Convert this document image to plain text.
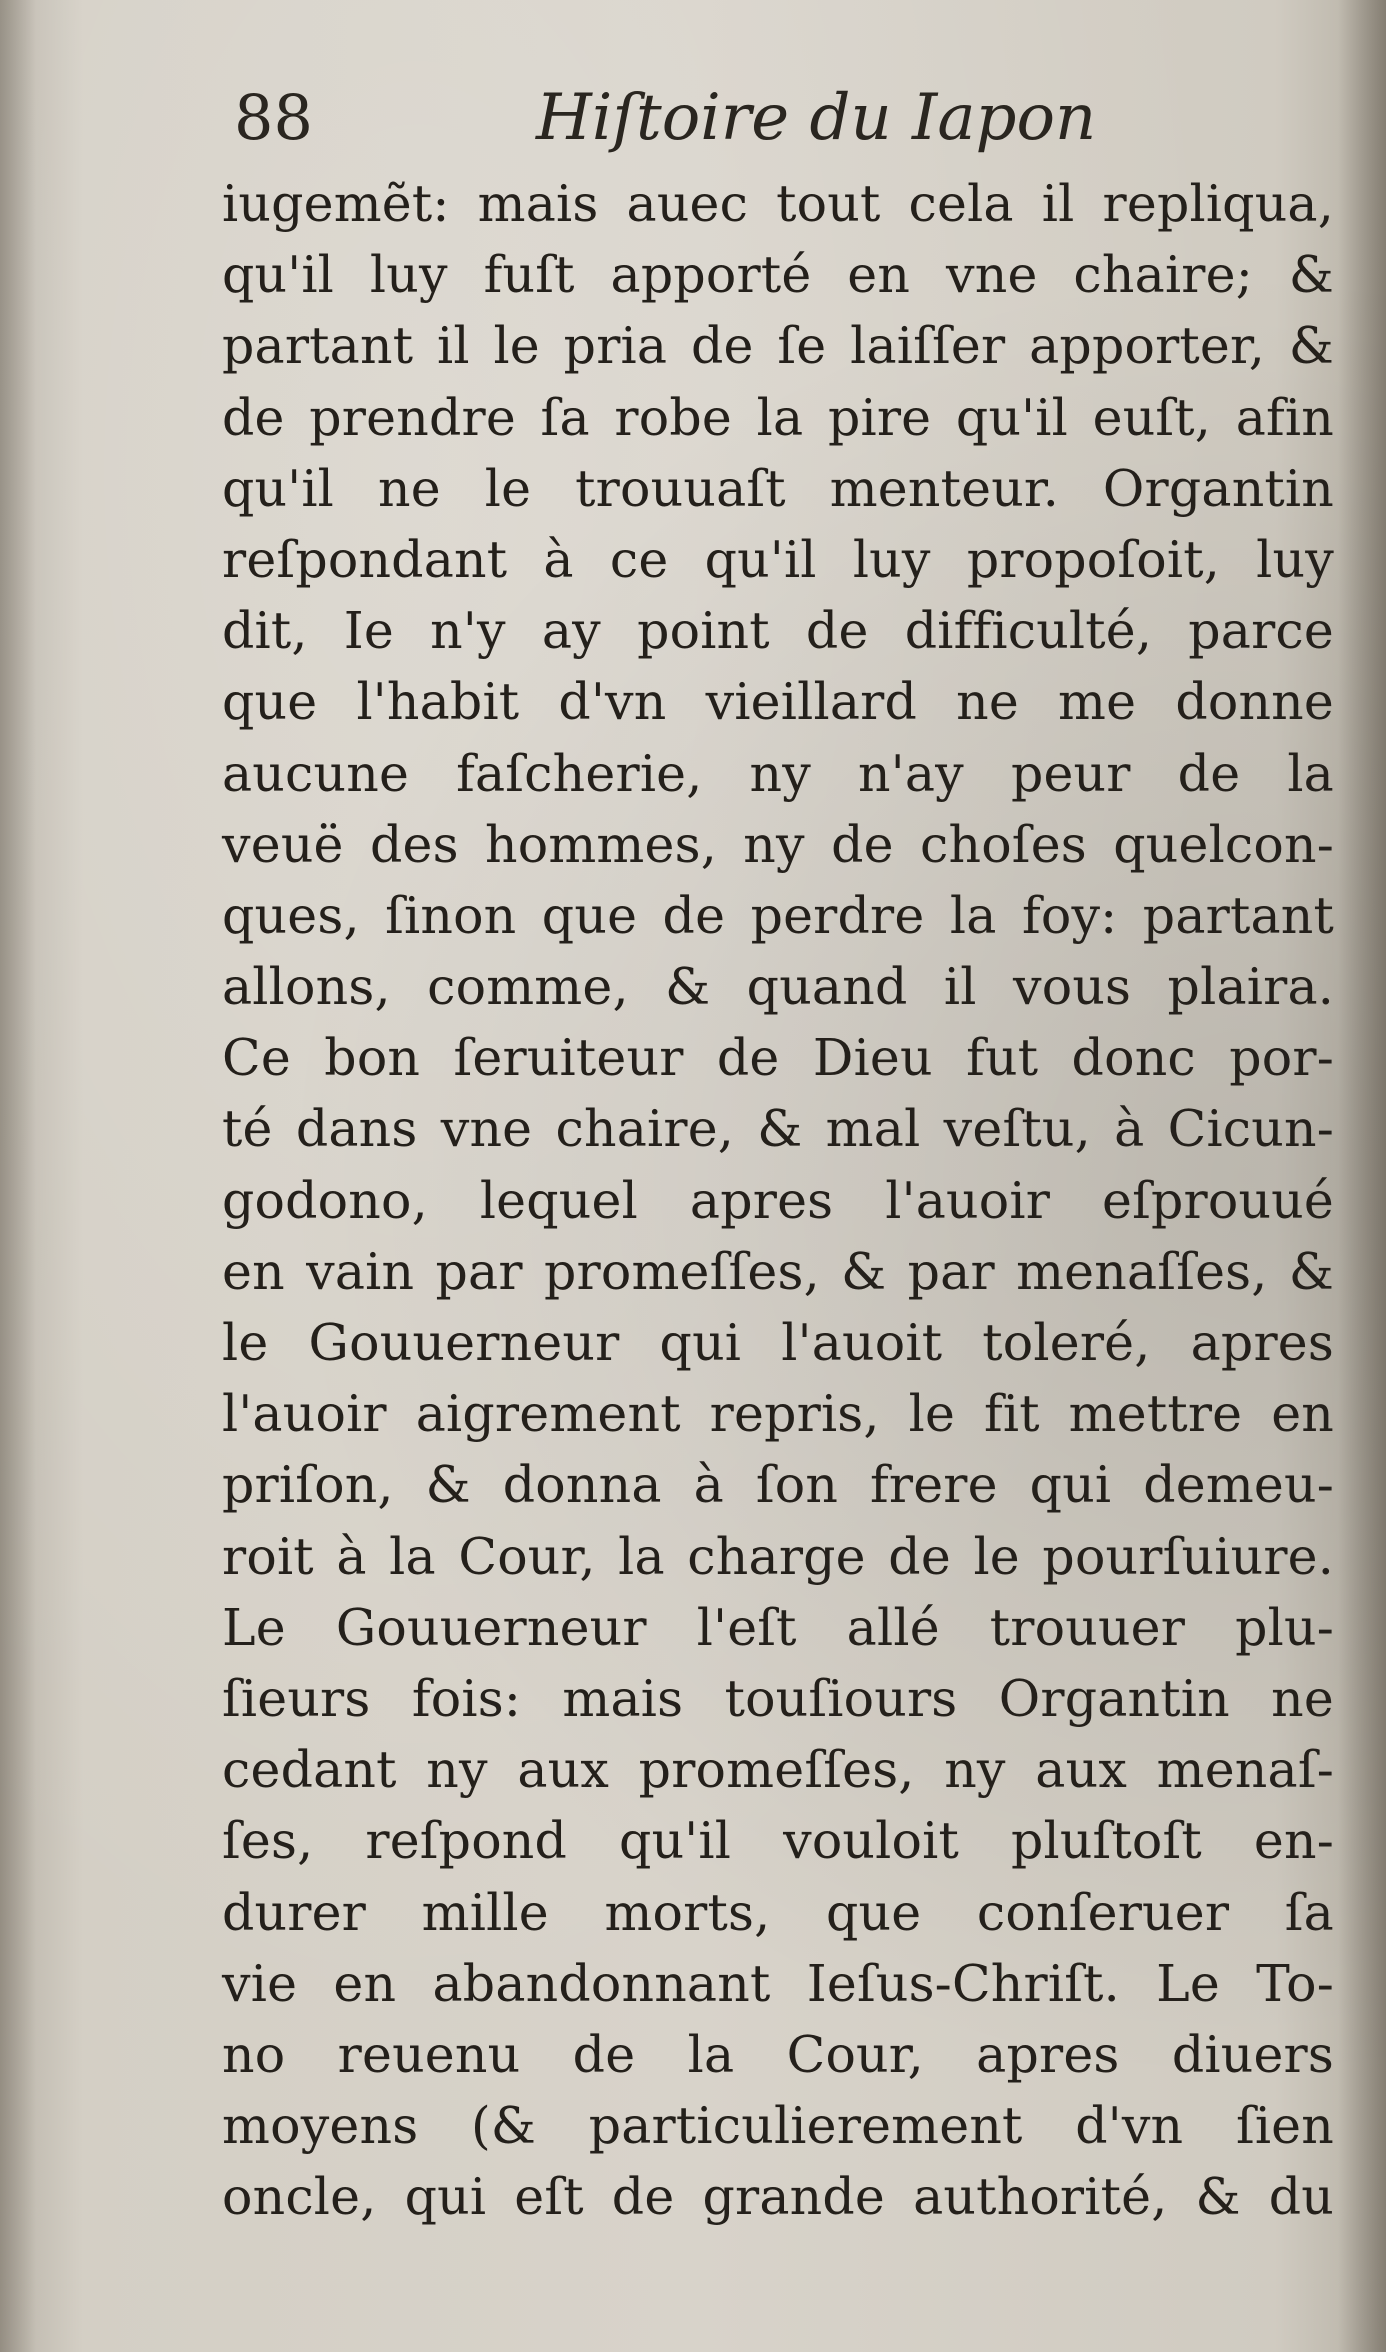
88	Hiſtoire du Iapon
iugemẽt: mais auec tout cela il repliqua,
qu'il luy fuſt apporté en vne chaire; &
partant il le pria de ſe laiſſer apporter, &
de prendre ſa robe la pire qu'il euſt, afin
qu'il ne le trouuaſt menteur. Organtin
reſpondant à ce qu'il luy propoſoit, luy
dit, Ie n'y ay point de difficulté, parce
que l'habit d'vn vieillard ne me donne
aucune faſcherie, ny n'ay peur de la
veuë des hommes, ny de choſes quelcon-
ques, ſinon que de perdre la foy: partant
allons, comme, & quand il vous plaira.
Ce bon ſeruiteur de Dieu fut donc por-
té dans vne chaire, & mal veſtu, à Cicun-
godono, lequel apres l'auoir eſprouué
en vain par promeſſes, & par menaſſes, &
le Gouuerneur qui l'auoit toleré, apres
l'auoir aigrement repris, le fit mettre en
priſon, & donna à ſon frere qui demeu-
roit à la Cour, la charge de le pourſuiure.
Le Gouuerneur l'eſt allé trouuer plu-
ſieurs fois: mais touſiours Organtin ne
cedant ny aux promeſſes, ny aux menaſ-
ſes, reſpond qu'il vouloit pluſtoſt en-
durer mille morts, que conſeruer ſa
vie en abandonnant Ieſus-Chriſt. Le To-
no reuenu de la Cour, apres diuers
moyens (& particulierement d'vn ſien
oncle, qui eſt de grande authorité, & du
